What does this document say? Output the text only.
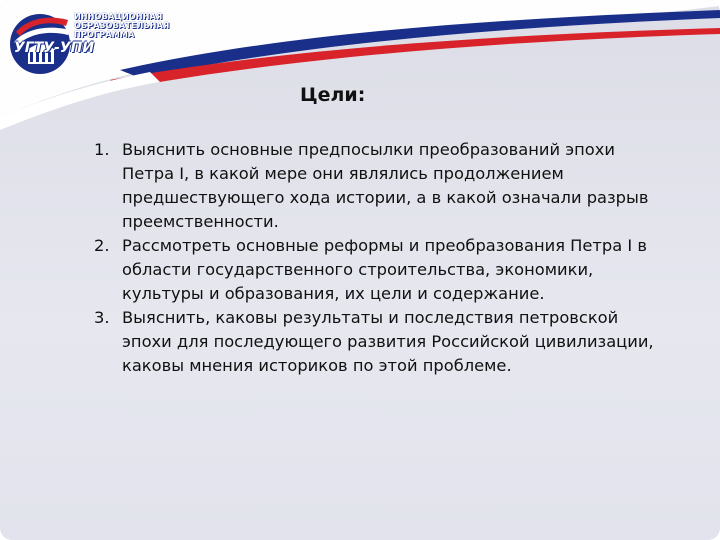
ИННОВАЦИОННАЯ
ОБРАЗОВАТЕЛЬНАЯ
ПРОГРАММА
УГТУ-УПИ
Цели:
1. Выяснить основные предпосылки преобразований эпохи Петра I, в какой мере они являлись продолжением предшествующего хода истории, а в какой означали разрыв преемственности.
2. Рассмотреть основные реформы и преобразования Петра I в области государственного строительства, экономики, культуры и образования, их цели и содержание.
3. Выяснить, каковы результаты и последствия петровской эпохи для последующего развития Российской цивилизации, каковы мнения историков по этой проблеме.
